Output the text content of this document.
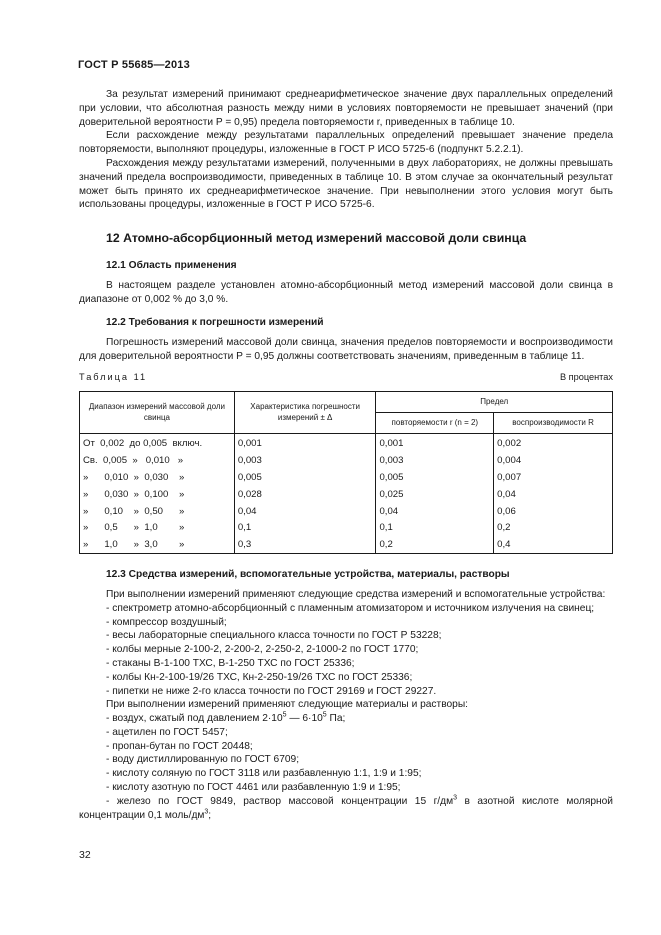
ГОСТ Р 55685—2013

За результат измерений принимают среднеарифметическое значение двух параллельных определений при условии, что абсолютная разность между ними в условиях повторяемости не превышает значений (при доверительной вероятности P = 0,95) предела повторяемости r, приведенных в таблице 10.

Если расхождение между результатами параллельных определений превышает значение предела повторяемости, выполняют процедуры, изложенные в ГОСТ Р ИСО 5725-6 (подпункт 5.2.2.1).

Расхождения между результатами измерений, полученными в двух лабораториях, не должны превышать значений предела воспроизводимости, приведенных в таблице 10. В этом случае за окончательный результат может быть принято их среднеарифметическое значение. При невыполнении этого условия могут быть использованы процедуры, изложенные в ГОСТ Р ИСО 5725-6.

12 Атомно-абсорбционный метод измерений массовой доли свинца

12.1 Область применения

В настоящем разделе установлен атомно-абсорбционный метод измерений массовой доли свинца в диапазоне от 0,002 % до 3,0 %.

12.2 Требования к погрешности измерений

Погрешность измерений массовой доли свинца, значения пределов повторяемости и воспроизводимости для доверительной вероятности P = 0,95 должны соответствовать значениям, приведенным в таблице 11.

Таблица 11	В процентах
Диапазон измерений массовой доли свинца	Характеристика погрешности измерений ± Δ	Предел	
		повторяемости r (n = 2)	воспроизводимости R
От  0,002  до 0,005  включ.	0,001	0,001	0,002
Св.  0,005  »   0,010   »	0,003	0,003	0,004
»      0,010  »  0,030    »	0,005	0,005	0,007
»      0,030  »  0,100    »	0,028	0,025	0,04
»      0,10    »  0,50      »	0,04	0,04	0,06
»      0,5      »  1,0        »	0,1	0,1	0,2
»      1,0      »  3,0        »	0,3	0,2	0,4

12.3 Средства измерений, вспомогательные устройства, материалы, растворы

При выполнении измерений применяют следующие средства измерений и вспомогательные устройства:

- спектрометр атомно-абсорбционный с пламенным атомизатором и источником излучения на свинец;

- компрессор воздушный;

- весы лабораторные специального класса точности по ГОСТ Р 53228;

- колбы мерные 2-100-2, 2-200-2, 2-250-2, 2-1000-2 по ГОСТ 1770;

- стаканы В-1-100 ТХС, В-1-250 ТХС по ГОСТ 25336;

- колбы Кн-2-100-19/26 ТХС, Кн-2-250-19/26 ТХС по ГОСТ 25336;

- пипетки не ниже 2-го класса точности по ГОСТ 29169 и ГОСТ 29227.

При выполнении измерений применяют следующие материалы и растворы:

- воздух, сжатый под давлением $2\cdot 10^5$ — $6\cdot 10^5$ Па;

- ацетилен по ГОСТ 5457;

- пропан-бутан по ГОСТ 20448;

- воду дистиллированную по ГОСТ 6709;

- кислоту соляную по ГОСТ 3118 или разбавленную 1:1, 1:9 и 1:95;

- кислоту азотную по ГОСТ 4461 или разбавленную 1:9 и 1:95;

- железо по ГОСТ 9849, раствор массовой концентрации 15 $г/дм^3$ в азотной кислоте молярной концентрации 0,1 моль/$дм^3$;

32
